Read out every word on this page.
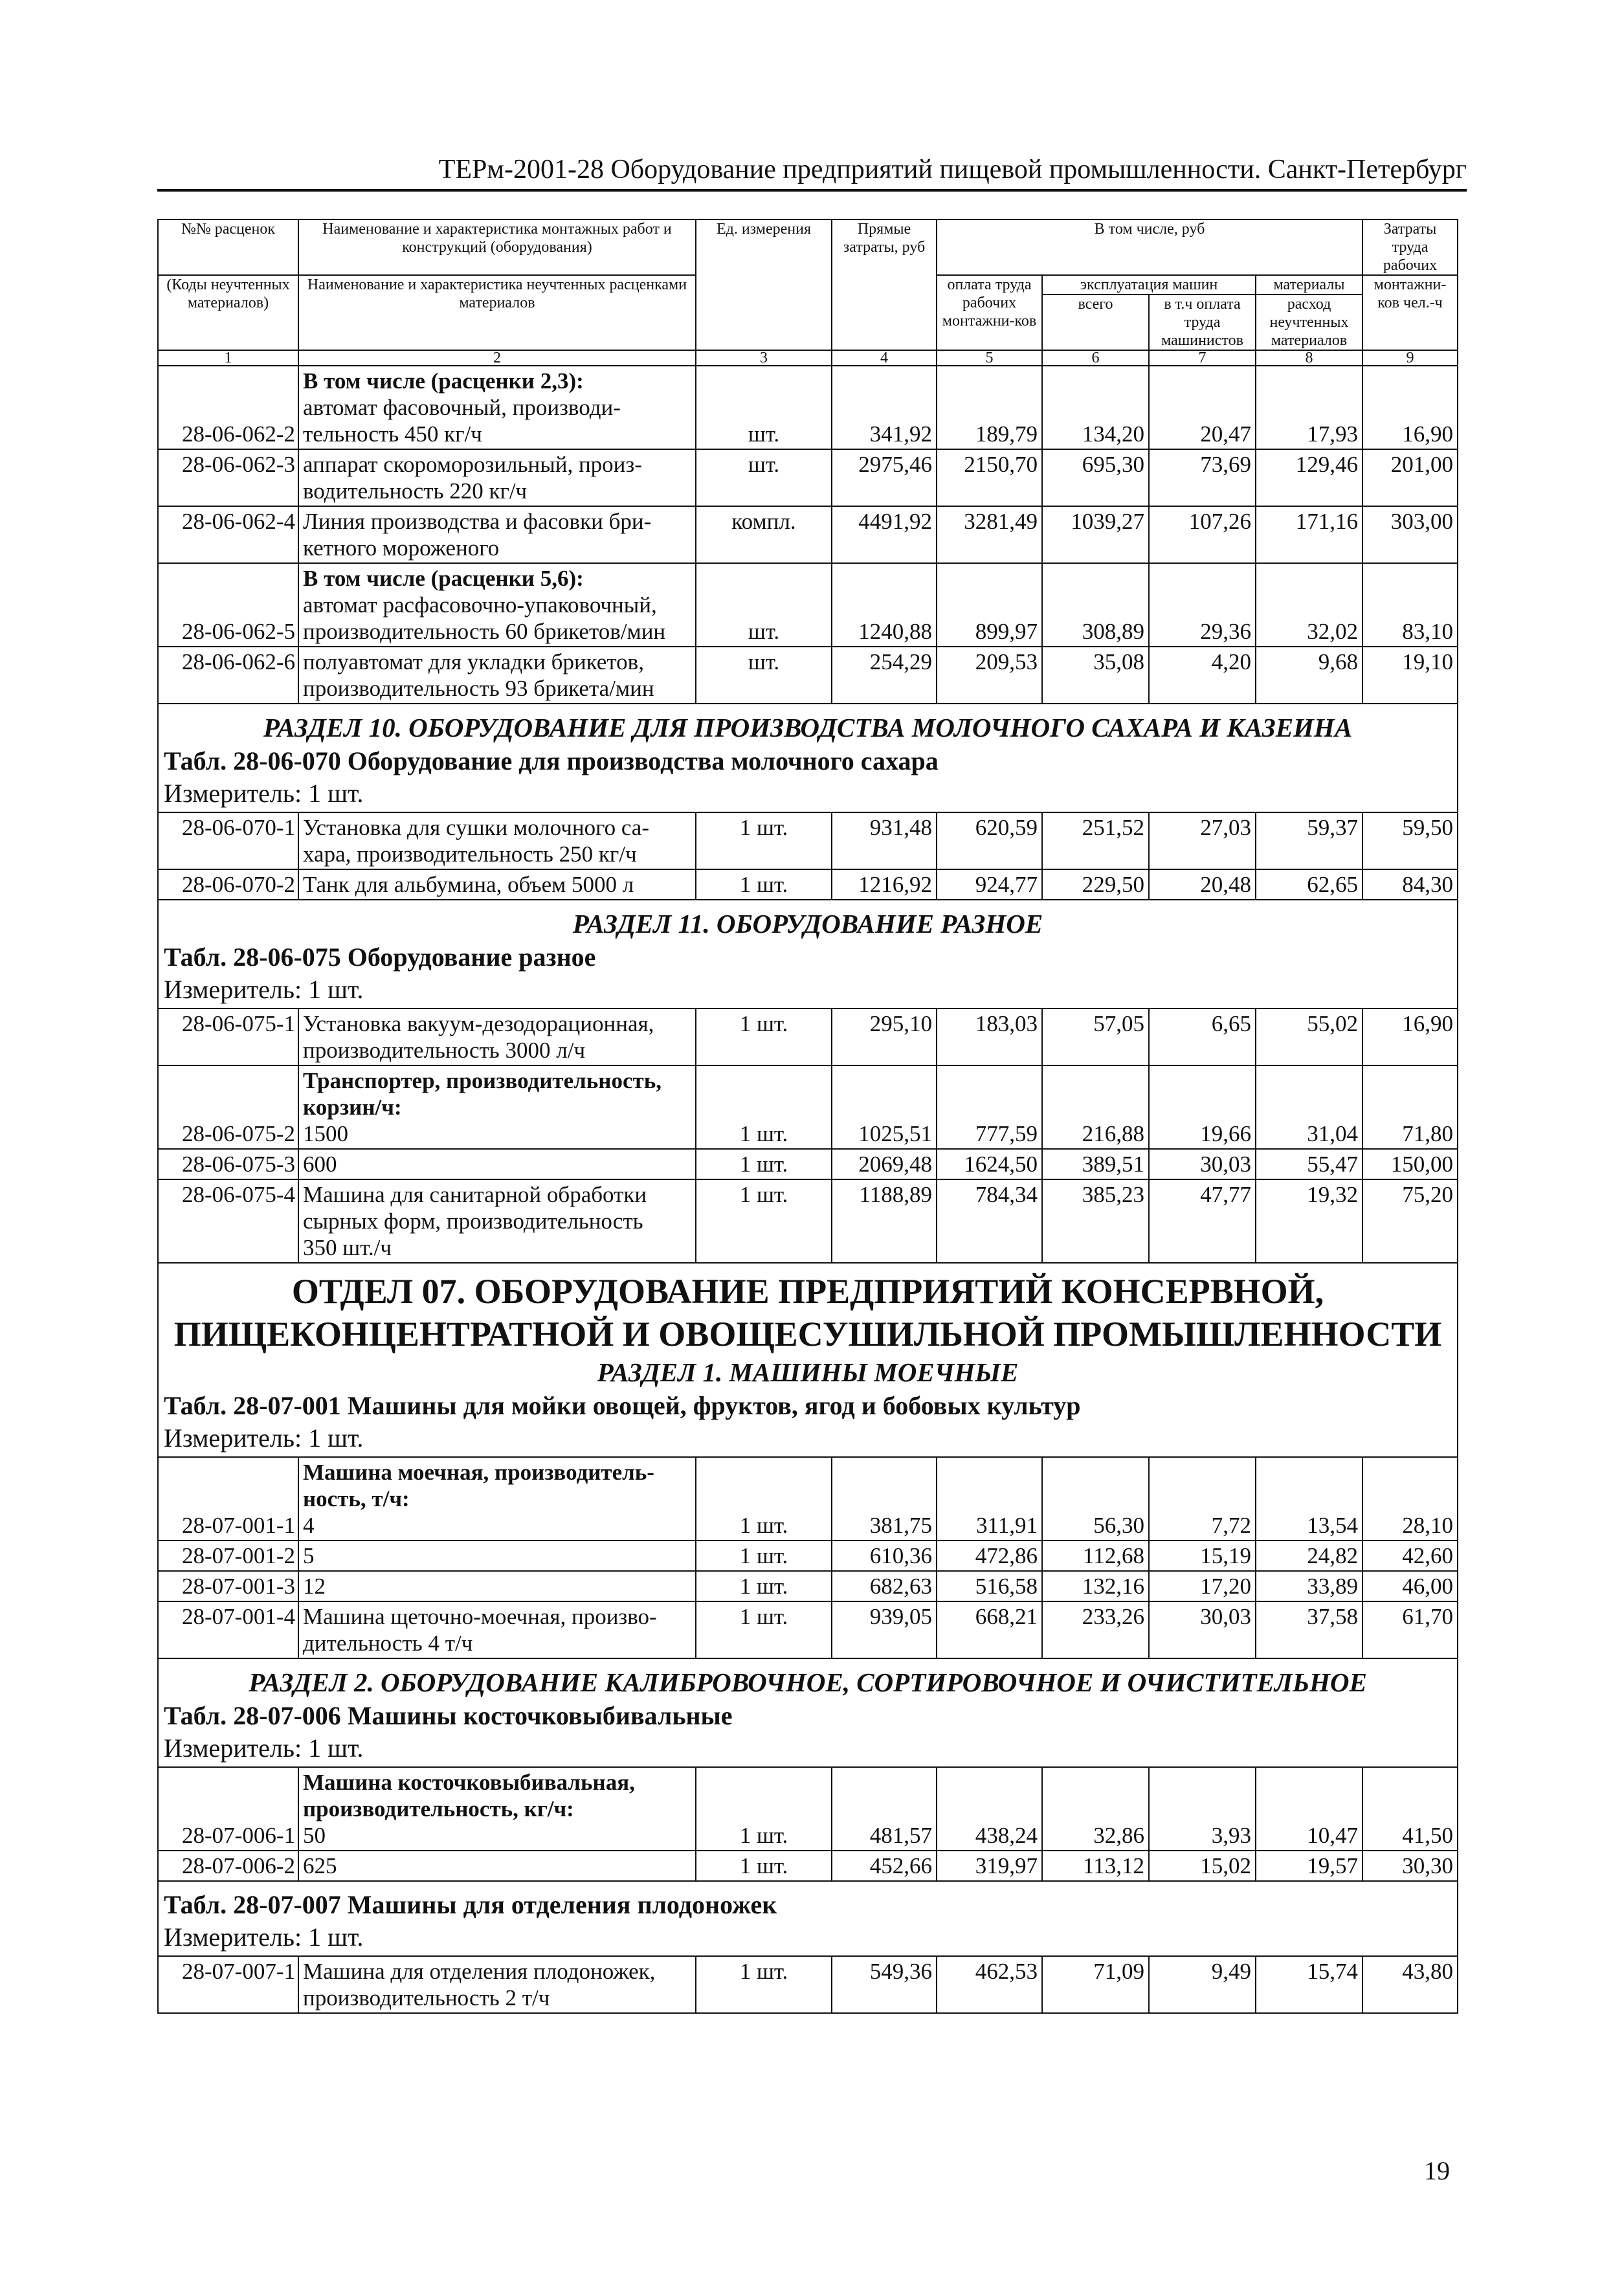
ТЕРм-2001-28 Оборудование предприятий пищевой промышленности. Санкт-Петербург
№№ расценок	Наименование и характеристика монтажных работ и конструкций (оборудования)	Ед. измерения	Прямые затраты, руб	В том числе, руб				Затраты труда рабочих
(Коды неучтенных материалов)	Наименование и характеристика неучтенных расценками материалов			оплата труда рабочих монтажни-ков	эксплуатация машин		материалы	монтажни-ков чел.-ч
					всего	в т.ч оплата труда машинистов	расход неучтенных материалов	
1	2	3	4	5	6	7	8	9
28-06-062-2	В том числе (расценки 2,3):
автомат фасовочный, производи-
тельность 450 кг/ч	шт.	341,92	189,79	134,20	20,47	17,93	16,90
28-06-062-3	аппарат скороморозильный, произ-
водительность 220 кг/ч	шт.	2975,46	2150,70	695,30	73,69	129,46	201,00
28-06-062-4	Линия производства и фасовки бри-
кетного мороженого	компл.	4491,92	3281,49	1039,27	107,26	171,16	303,00
28-06-062-5	В том числе (расценки 5,6):
автомат расфасовочно-упаковочный,
производительность 60 брикетов/мин	шт.	1240,88	899,97	308,89	29,36	32,02	83,10
28-06-062-6	полуавтомат для укладки брикетов,
производительность 93 брикета/мин	шт.	254,29	209,53	35,08	4,20	9,68	19,10

РАЗДЕЛ 10. ОБОРУДОВАНИЕ ДЛЯ ПРОИЗВОДСТВА МОЛОЧНОГО САХАРА И КАЗЕИНА
Табл. 28-06-070 Оборудование для производства молочного сахара
Измеритель: 1 шт.								

28-06-070-1	Установка для сушки молочного са-
хара, производительность 250 кг/ч	1 шт.	931,48	620,59	251,52	27,03	59,37	59,50
28-06-070-2	Танк для альбумина, объем 5000 л	1 шт.	1216,92	924,77	229,50	20,48	62,65	84,30

РАЗДЕЛ 11. ОБОРУДОВАНИЕ РАЗНОЕ
Табл. 28-06-075 Оборудование разное
Измеритель: 1 шт.								

28-06-075-1	Установка вакуум-дезодорационная,
производительность 3000 л/ч	1 шт.	295,10	183,03	57,05	6,65	55,02	16,90
28-06-075-2	Транспортер, производительность, корзин/ч:
1500	1 шт.	1025,51	777,59	216,88	19,66	31,04	71,80
28-06-075-3	600	1 шт.	2069,48	1624,50	389,51	30,03	55,47	150,00
28-06-075-4	Машина для санитарной обработки
сырных форм, производительность
350 шт./ч	1 шт.	1188,89	784,34	385,23	47,77	19,32	75,20

ОТДЕЛ 07. ОБОРУДОВАНИЕ ПРЕДПРИЯТИЙ КОНСЕРВНОЙ, ПИЩЕКОНЦЕНТРАТНОЙ И ОВОЩЕСУШИЛЬНОЙ ПРОМЫШЛЕННОСТИ
РАЗДЕЛ 1. МАШИНЫ МОЕЧНЫЕ
Табл. 28-07-001 Машины для мойки овощей, фруктов, ягод и бобовых культур
Измеритель: 1 шт.								

28-07-001-1	Машина моечная, производитель-ность, т/ч:
4	1 шт.	381,75	311,91	56,30	7,72	13,54	28,10
28-07-001-2	5	1 шт.	610,36	472,86	112,68	15,19	24,82	42,60
28-07-001-3	12	1 шт.	682,63	516,58	132,16	17,20	33,89	46,00
28-07-001-4	Машина щеточно-моечная, произво-
дительность 4 т/ч	1 шт.	939,05	668,21	233,26	30,03	37,58	61,70

РАЗДЕЛ 2. ОБОРУДОВАНИЕ КАЛИБРОВОЧНОЕ, СОРТИРОВОЧНОЕ И ОЧИСТИТЕЛЬНОЕ
Табл. 28-07-006 Машины косточковыбивальные
Измеритель: 1 шт.								

28-07-006-1	Машина косточковыбивальная, производительность, кг/ч:
50	1 шт.	481,57	438,24	32,86	3,93	10,47	41,50
28-07-006-2	625	1 шт.	452,66	319,97	113,12	15,02	19,57	30,30

Табл. 28-07-007 Машины для отделения плодоножек
Измеритель: 1 шт.								

28-07-007-1	Машина для отделения плодоножек,
производительность 2 т/ч	1 шт.	549,36	462,53	71,09	9,49	15,74	43,80
19
